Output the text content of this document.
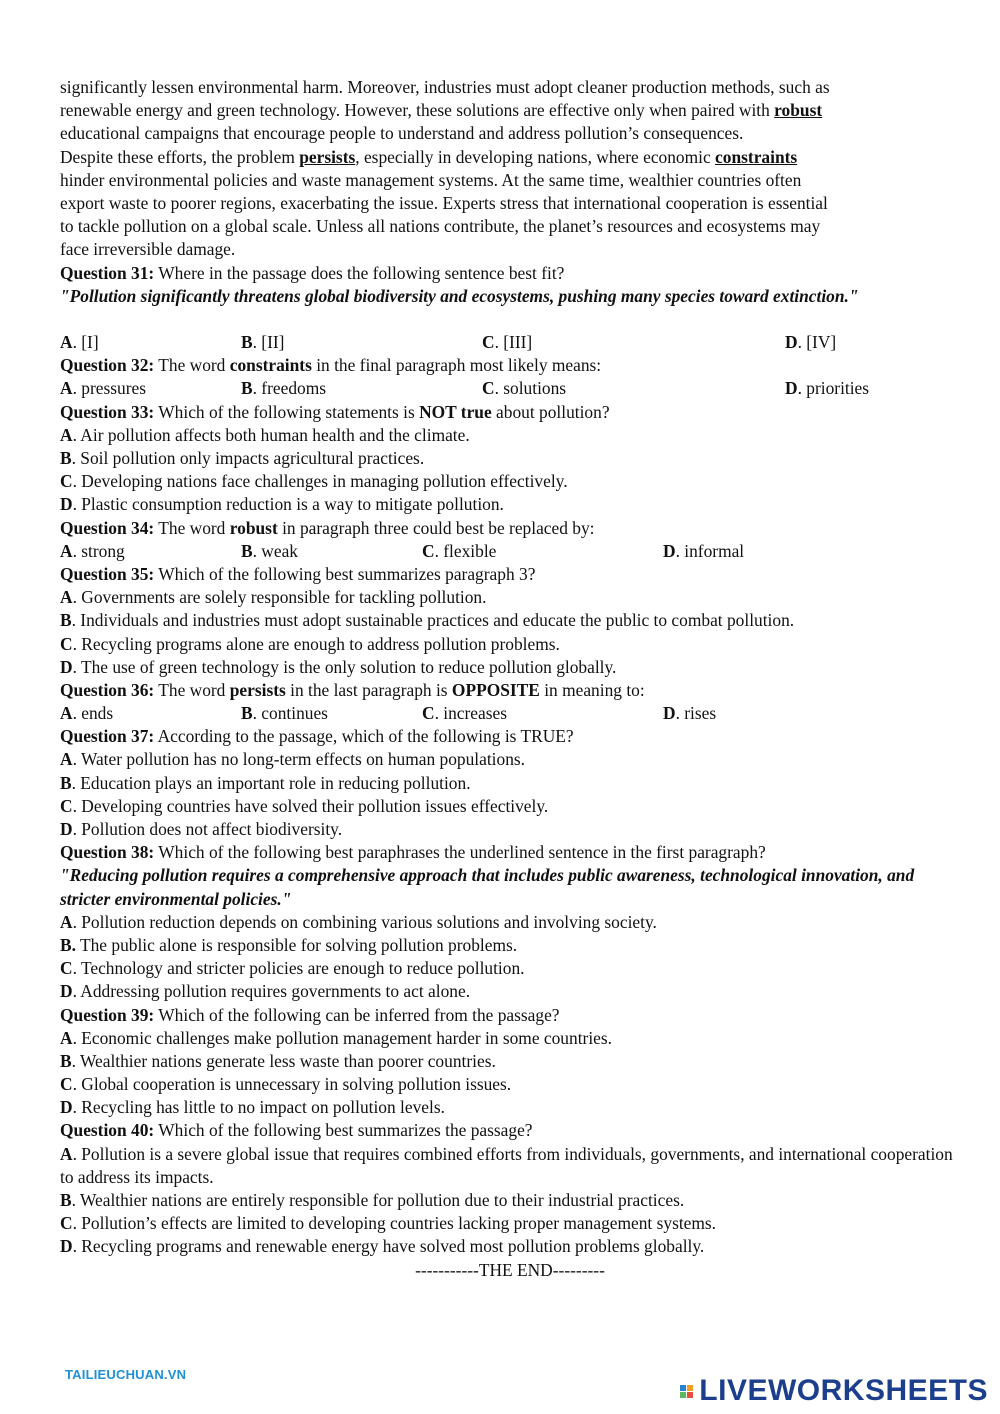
significantly lessen environmental harm. Moreover, industries must adopt cleaner production methods, such as
renewable energy and green technology. However, these solutions are effective only when paired with robust
educational campaigns that encourage people to understand and address pollution’s consequences.
Despite these efforts, the problem persists, especially in developing nations, where economic constraints
hinder environmental policies and waste management systems. At the same time, wealthier countries often
export waste to poorer regions, exacerbating the issue. Experts stress that international cooperation is essential
to tackle pollution on a global scale. Unless all nations contribute, the planet’s resources and ecosystems may
face irreversible damage.
Question 31: Where in the passage does the following sentence best fit?
"Pollution significantly threatens global biodiversity and ecosystems, pushing many species toward extinction."
A. [I]	B. [II]	C. [III]	D. [IV]
Question 32: The word constraints in the final paragraph most likely means:
A. pressures	B. freedoms	C. solutions	D. priorities
Question 33: Which of the following statements is NOT true about pollution?
A. Air pollution affects both human health and the climate.
B. Soil pollution only impacts agricultural practices.
C. Developing nations face challenges in managing pollution effectively.
D. Plastic consumption reduction is a way to mitigate pollution.
Question 34: The word robust in paragraph three could best be replaced by:
A. strong	B. weak	C. flexible	D. informal
Question 35: Which of the following best summarizes paragraph 3?
A. Governments are solely responsible for tackling pollution.
B. Individuals and industries must adopt sustainable practices and educate the public to combat pollution.
C. Recycling programs alone are enough to address pollution problems.
D. The use of green technology is the only solution to reduce pollution globally.
Question 36: The word persists in the last paragraph is OPPOSITE in meaning to:
A. ends	B. continues	C. increases	D. rises
Question 37: According to the passage, which of the following is TRUE?
A. Water pollution has no long-term effects on human populations.
B. Education plays an important role in reducing pollution.
C. Developing countries have solved their pollution issues effectively.
D. Pollution does not affect biodiversity.
Question 38: Which of the following best paraphrases the underlined sentence in the first paragraph?
"Reducing pollution requires a comprehensive approach that includes public awareness, technological innovation, and stricter environmental policies."
A. Pollution reduction depends on combining various solutions and involving society.
B. The public alone is responsible for solving pollution problems.
C. Technology and stricter policies are enough to reduce pollution.
D. Addressing pollution requires governments to act alone.
Question 39: Which of the following can be inferred from the passage?
A. Economic challenges make pollution management harder in some countries.
B. Wealthier nations generate less waste than poorer countries.
C. Global cooperation is unnecessary in solving pollution issues.
D. Recycling has little to no impact on pollution levels.
Question 40: Which of the following best summarizes the passage?
A. Pollution is a severe global issue that requires combined efforts from individuals, governments, and international cooperation to address its impacts.
B. Wealthier nations are entirely responsible for pollution due to their industrial practices.
C. Pollution’s effects are limited to developing countries lacking proper management systems.
D. Recycling programs and renewable energy have solved most pollution problems globally.
-----------THE END---------
TAILIEUCHUAN.VN	LIVEWORKSHEETS
